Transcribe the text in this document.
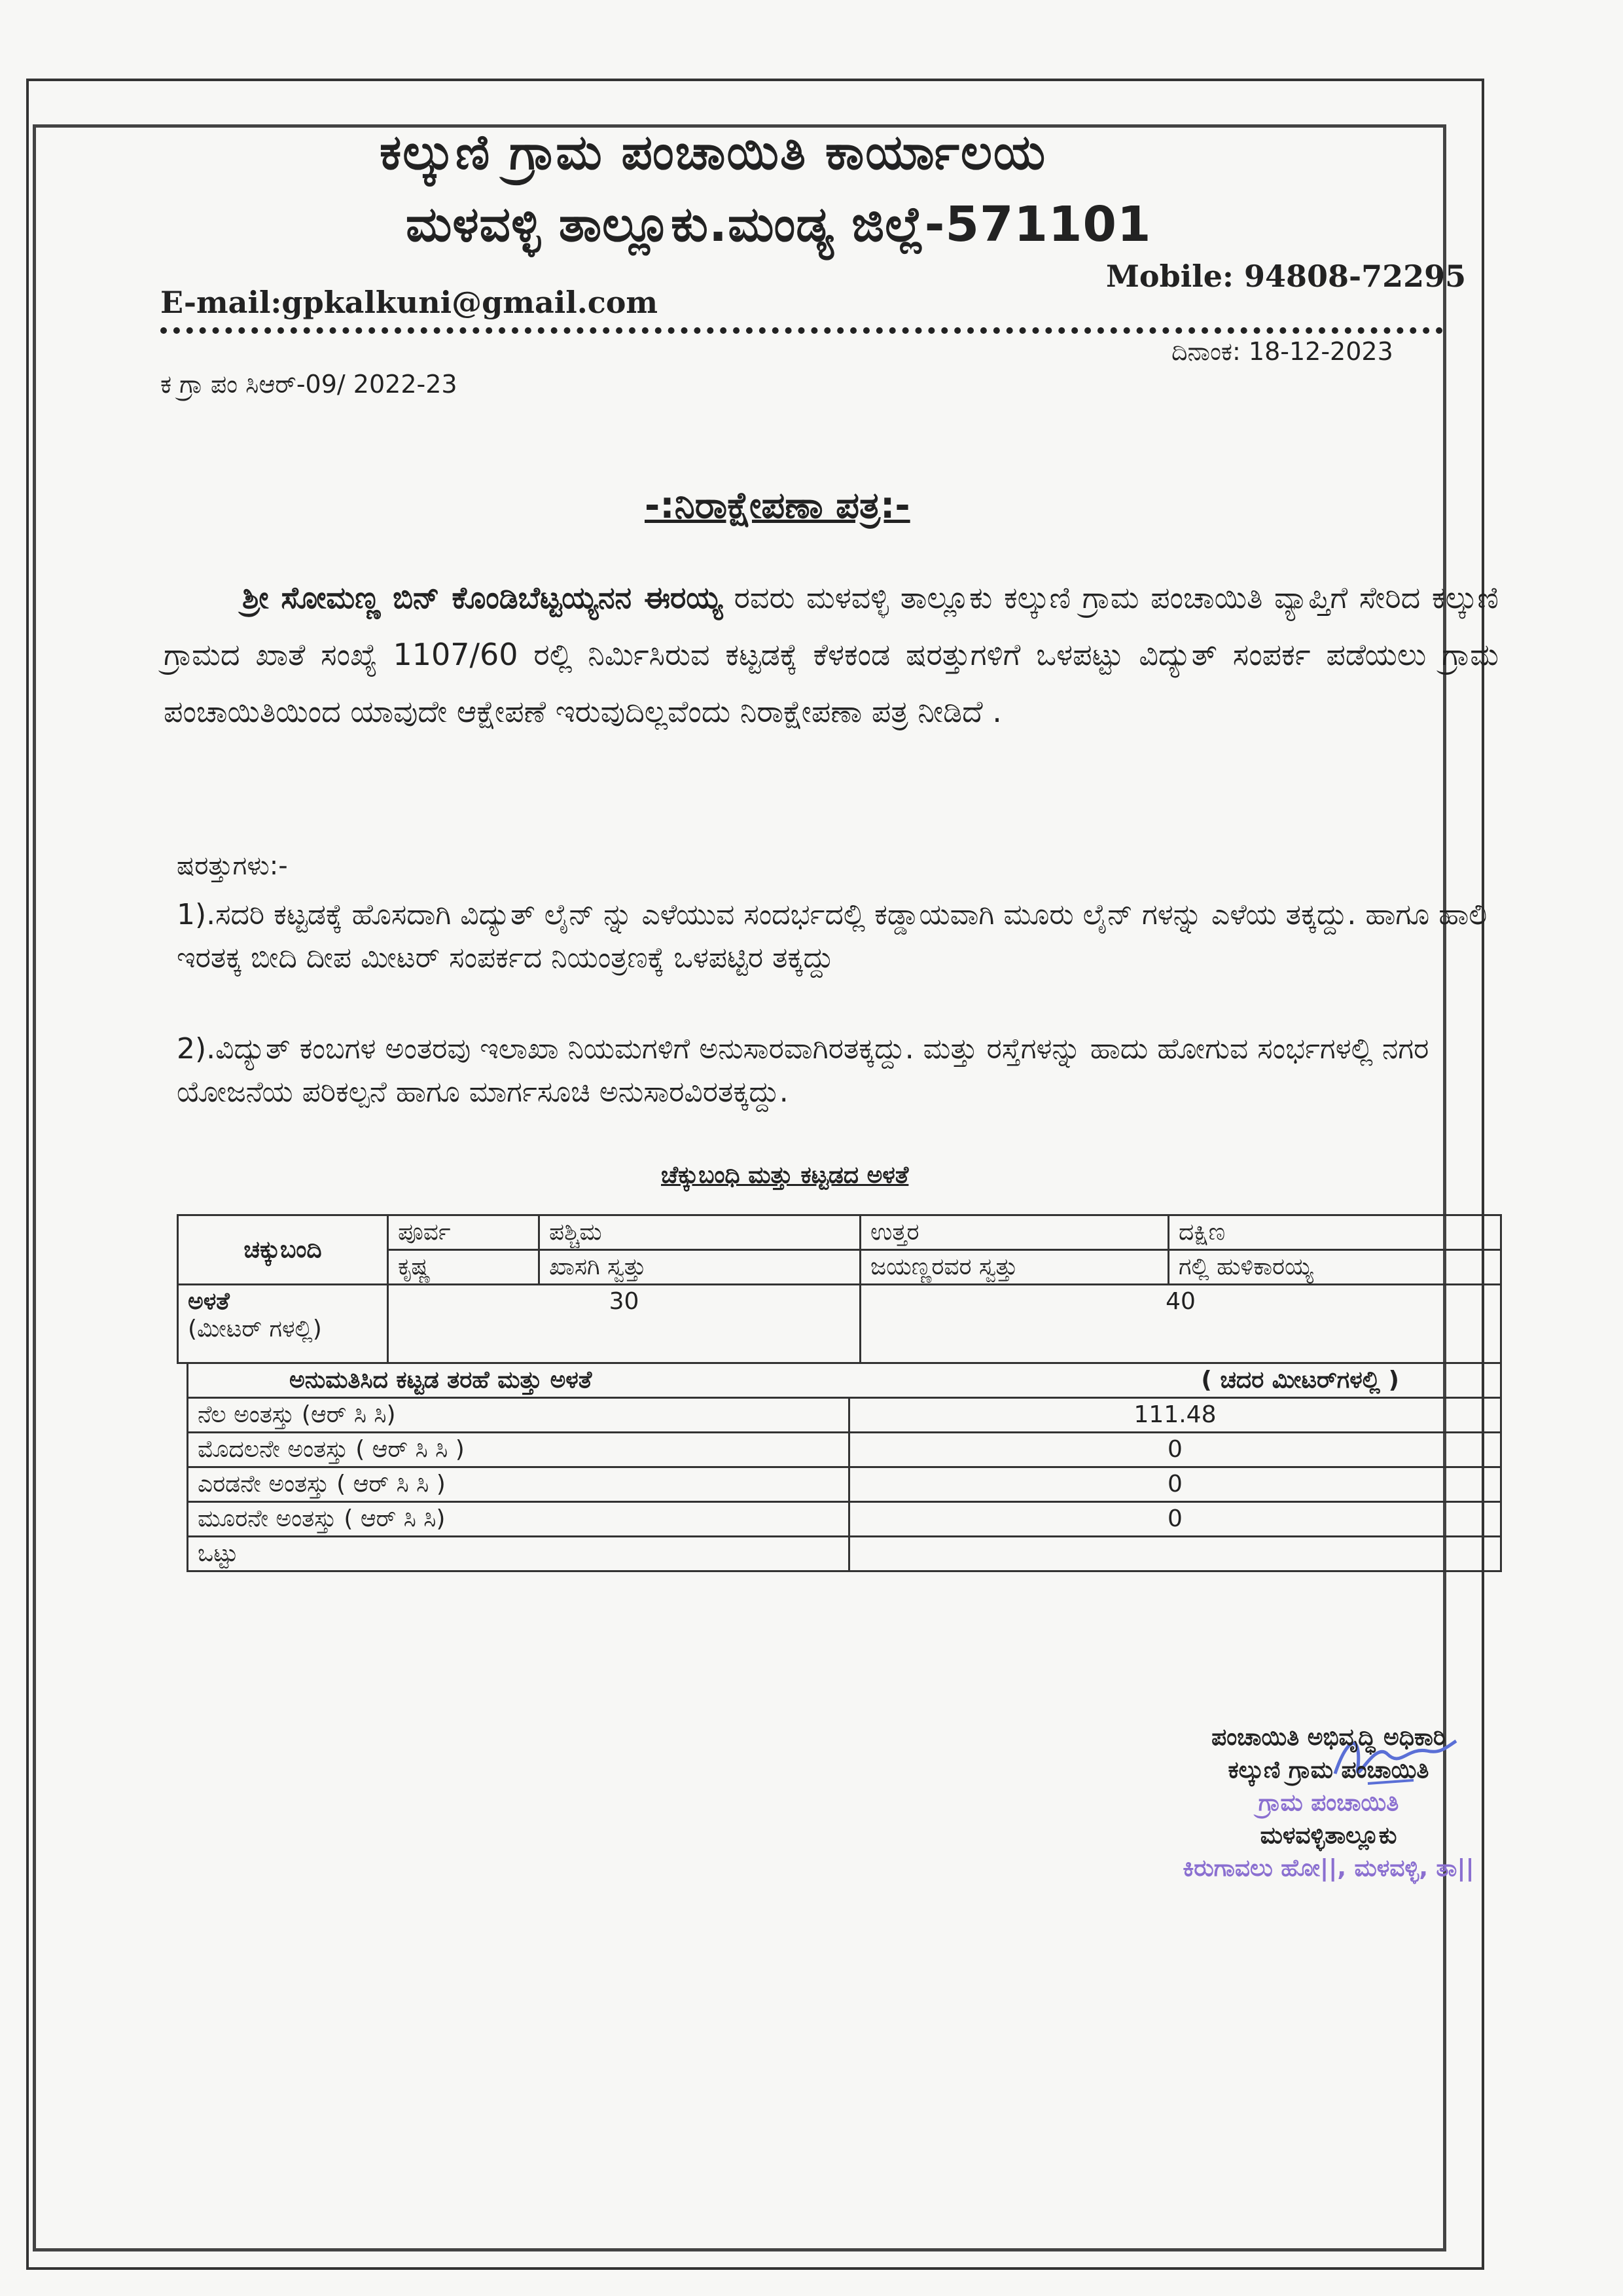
ಕಲ್ಕುಣಿ ಗ್ರಾಮ ಪಂಚಾಯಿತಿ ಕಾರ್ಯಾಲಯ
ಮಳವಳ್ಳಿ ತಾಲ್ಲೂಕು.ಮಂಡ್ಯ ಜಿಲ್ಲೆ-571101
Mobile: 94808-72295
E-mail:gpkalkuni@gmail.com
ದಿನಾಂಕ: 18-12-2023
ಕ ಗ್ರಾ ಪಂ ಸಿಆರ್-09/ 2022-23
-:ನಿರಾಕ್ಷೇಪಣಾ ಪತ್ರ:-
ಶ್ರೀ ಸೋಮಣ್ಣ ಬಿನ್ ಕೊಂಡಿಬೆಟ್ಟಯ್ಯನನ ಈರಯ್ಯ ರವರು ಮಳವಳ್ಳಿ ತಾಲ್ಲೂಕು ಕಲ್ಕುಣಿ ಗ್ರಾಮ ಪಂಚಾಯಿತಿ ವ್ಯಾಪ್ತಿಗೆ ಸೇರಿದ ಕಲ್ಕುಣಿ ಗ್ರಾಮದ ಖಾತೆ ಸಂಖ್ಯೆ 1107/60 ರಲ್ಲಿ ನಿರ್ಮಿಸಿರುವ ಕಟ್ಟಡಕ್ಕೆ ಕೆಳಕಂಡ ಷರತ್ತುಗಳಿಗೆ ಒಳಪಟ್ಟು ವಿದ್ಯುತ್ ಸಂಪರ್ಕ ಪಡೆಯಲು ಗ್ರಾಮ ಪಂಚಾಯಿತಿಯಿಂದ ಯಾವುದೇ ಆಕ್ಷೇಪಣೆ ಇರುವುದಿಲ್ಲವೆಂದು ನಿರಾಕ್ಷೇಪಣಾ ಪತ್ರ ನೀಡಿದೆ .
ಷರತ್ತುಗಳು:-
1).ಸದರಿ ಕಟ್ಟಡಕ್ಕೆ ಹೊಸದಾಗಿ ವಿದ್ಯುತ್ ಲೈನ್ ನ್ನು ಎಳೆಯುವ ಸಂದರ್ಭದಲ್ಲಿ ಕಡ್ಡಾಯವಾಗಿ ಮೂರು ಲೈನ್ ಗಳನ್ನು ಎಳೆಯ ತಕ್ಕದ್ದು. ಹಾಗೂ ಹಾಲಿ ಇರತಕ್ಕ ಬೀದಿ ದೀಪ ಮೀಟರ್ ಸಂಪರ್ಕದ ನಿಯಂತ್ರಣಕ್ಕೆ ಒಳಪಟ್ಟಿರ ತಕ್ಕದ್ದು
2).ವಿದ್ಯುತ್ ಕಂಬಗಳ ಅಂತರವು ಇಲಾಖಾ ನಿಯಮಗಳಿಗೆ ಅನುಸಾರವಾಗಿರತಕ್ಕದ್ದು. ಮತ್ತು ರಸ್ತೆಗಳನ್ನು ಹಾದು ಹೋಗುವ ಸಂರ್ಭಗಳಲ್ಲಿ ನಗರ ಯೋಜನೆಯ ಪರಿಕಲ್ಪನೆ ಹಾಗೂ ಮಾರ್ಗಸೂಚಿ ಅನುಸಾರವಿರತಕ್ಕದ್ದು.
ಚೆಕ್ಕುಬಂಧಿ ಮತ್ತು ಕಟ್ಟಡದ ಅಳತೆ
ಚಕ್ಕುಬಂದಿ	ಪೂರ್ವ	ಪಶ್ಚಿಮ	ಉತ್ತರ	ದಕ್ಷಿಣ
	ಕೃಷ್ಣ	ಖಾಸಗಿ ಸ್ವತ್ತು	ಜಯಣ್ಣರವರ ಸ್ವತ್ತು	ಗಲ್ಲಿ ಹುಳಿಕಾರಯ್ಯ

ಅಳತೆ
(ಮೀಟರ್ ಗಳಲ್ಲಿ)	30		40	
ಅನುಮತಿಸಿದ ಕಟ್ಟಡ ತರಹೆ ಮತ್ತು ಅಳತೆ ( ಚದರ ಮೀಟರ್‌ಗಳಲ್ಲಿ )	

ನೆಲ ಅಂತಸ್ತು (ಆರ್ ಸಿ ಸಿ)	111.48
ಮೊದಲನೇ ಅಂತಸ್ತು ( ಆರ್ ಸಿ ಸಿ )	0
ಎರಡನೇ ಅಂತಸ್ತು ( ಆರ್ ಸಿ ಸಿ )	0
ಮೂರನೇ ಅಂತಸ್ತು ( ಆರ್ ಸಿ ಸಿ)	0
ಒಟ್ಟು	
ಪಂಚಾಯಿತಿ ಅಭಿವೃದ್ಧಿ ಅಧಿಕಾರಿ
ಕಲ್ಕುಣಿ ಗ್ರಾಮ ಪಂಚಾಯಿತಿ
ಗ್ರಾಮ ಪಂಚಾಯಿತಿ
ಮಳವಳ್ಳಿತಾಲ್ಲೂಕು
ಕಿರುಗಾವಲು ಹೋ||, ಮಳವಳ್ಳಿ, ತಾ||
